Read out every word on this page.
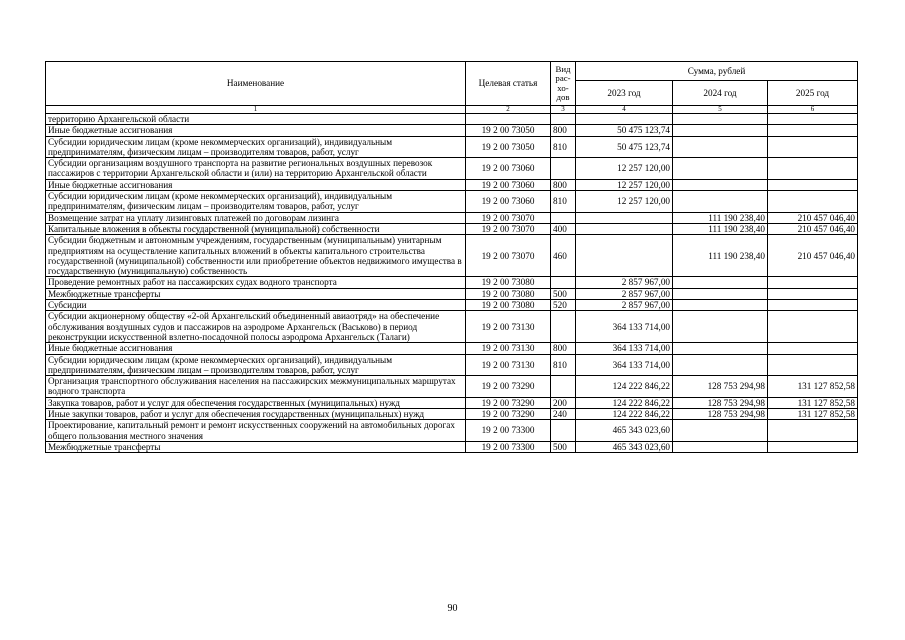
Наименование	Целевая статья	Вид
рас-
хо-
дов	Сумма, рублей		
			2023 год	2024 год	2025 год
1	2	3	4	5	6
территорию Архангельской области					
Иные бюджетные ассигнования	19 2 00 73050	800	50 475 123,74		
Субсидии юридическим лицам (кроме некоммерческих организаций), индивидуальным предпринимателям, физическим лицам – производителям товаров, работ, услуг	19 2 00 73050	810	50 475 123,74		
Субсидии организациям воздушного транспорта на развитие региональных воздушных перевозок пассажиров с территории Архангельской области и (или) на территорию Архангельской области	19 2 00 73060		12 257 120,00		
Иные бюджетные ассигнования	19 2 00 73060	800	12 257 120,00		
Субсидии юридическим лицам (кроме некоммерческих организаций), индивидуальным предпринимателям, физическим лицам – производителям товаров, работ, услуг	19 2 00 73060	810	12 257 120,00		
Возмещение затрат на уплату лизинговых платежей по договорам лизинга	19 2 00 73070			111 190 238,40	210 457 046,40
Капитальные вложения в объекты государственной (муниципальной) собственности	19 2 00 73070	400		111 190 238,40	210 457 046,40
Субсидии бюджетным и автономным учреждениям, государственным (муниципальным) унитарным предприятиям на осуществление капитальных вложений в объекты капитального строительства государственной (муниципальной) собственности или приобретение объектов недвижимого имущества в государственную (муниципальную) собственность	19 2 00 73070	460		111 190 238,40	210 457 046,40
Проведение ремонтных работ на пассажирских судах водного транспорта	19 2 00 73080		2 857 967,00		
Межбюджетные трансферты	19 2 00 73080	500	2 857 967,00		
Субсидии	19 2 00 73080	520	2 857 967,00		
Субсидии акционерному обществу «2-ой Архангельский объединенный авиаотряд» на обеспечение обслуживания воздушных судов и пассажиров на аэродроме Архангельск (Васьково) в период реконструкции искусственной взлетно-посадочной полосы аэродрома Архангельск (Талаги)	19 2 00 73130		364 133 714,00		
Иные бюджетные ассигнования	19 2 00 73130	800	364 133 714,00		
Субсидии юридическим лицам (кроме некоммерческих организаций), индивидуальным предпринимателям, физическим лицам – производителям товаров, работ, услуг	19 2 00 73130	810	364 133 714,00		
Организация транспортного обслуживания населения на пассажирских межмуниципальных маршрутах водного транспорта	19 2 00 73290		124 222 846,22	128 753 294,98	131 127 852,58
Закупка товаров, работ и услуг для обеспечения государственных (муниципальных) нужд	19 2 00 73290	200	124 222 846,22	128 753 294,98	131 127 852,58
Иные закупки товаров, работ и услуг для обеспечения государственных (муниципальных) нужд	19 2 00 73290	240	124 222 846,22	128 753 294,98	131 127 852,58
Проектирование, капитальный ремонт и ремонт искусственных сооружений на автомобильных дорогах общего пользования местного значения	19 2 00 73300		465 343 023,60		
Межбюджетные трансферты	19 2 00 73300	500	465 343 023,60		
90
